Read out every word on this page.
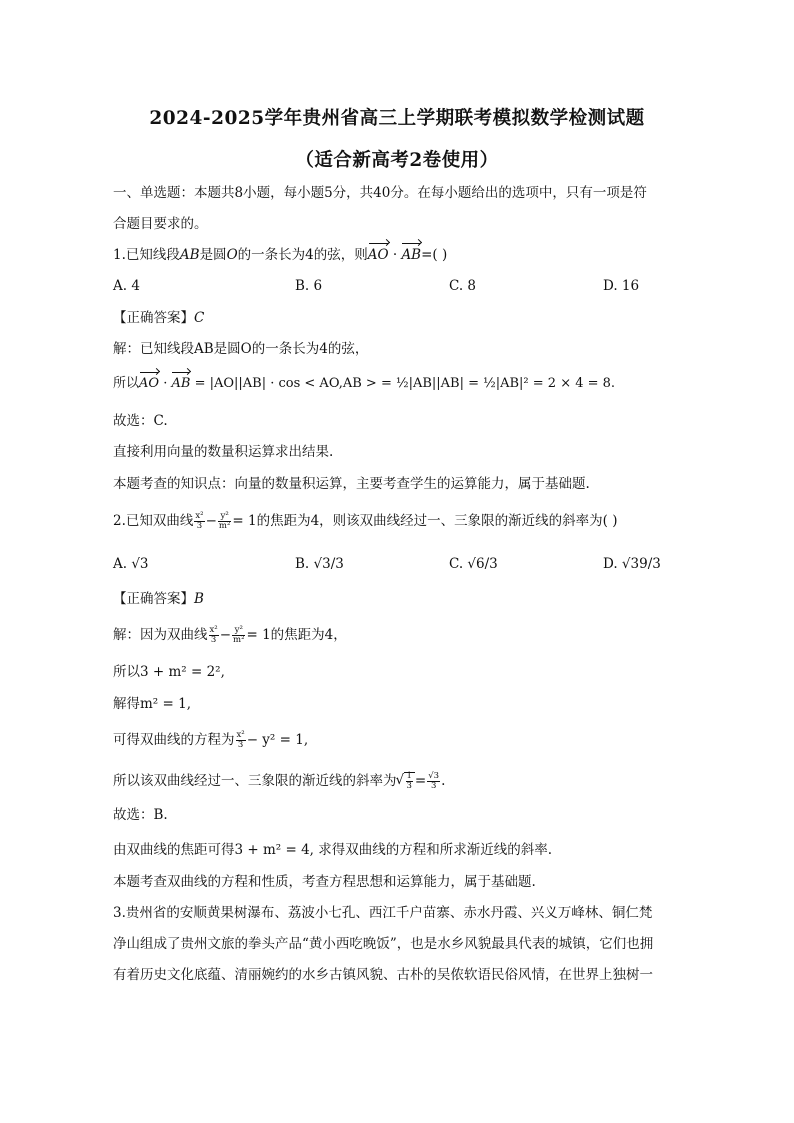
2024-2025学年贵州省高三上学期联考模拟数学检测试题
（适合新高考2卷使用）
一、单选题：本题共8小题，每小题5分，共40分。在每小题给出的选项中，只有一项是符
合题目要求的。
1.已知线段AB是圆O的一条长为4的弦，则AO · AB=( )
A. 4	B. 6	C. 8	D. 16
【正确答案】C
解：已知线段AB是圆O的一条长为4的弦，
所以AO · AB = |AO||AB| · cos < AO,AB > = ½|AB||AB| = ½|AB|² = 2 × 4 = 8.
故选：C.
直接利用向量的数量积运算求出结果.
本题考查的知识点：向量的数量积运算，主要考查学生的运算能力，属于基础题.
2.已知双曲线 $\frac{\text{x²}}{3} - \frac{\text{y²}}{\text{m²}} = 1$的焦距为4，则该双曲线经过一、三象限的渐近线的斜率为( )
A. √3	B. √3/3	C. √6/3	D. √39/3
【正确答案】B
解：因为双曲线 $\frac{\text{x²}}{3} - \frac{\text{y²}}{\text{m²}} = 1$的焦距为4，
所以3 + m² = 2²,
解得m² = 1,
可得双曲线的方程为 $\frac{\text{x²}}{3} - y^2 = 1$,
所以该双曲线经过一、三象限的渐近线的斜率为
√ $\frac{1}{3} = \frac{√3}{3}$ .
故选：B.
由双曲线的焦距可得3 + m² = 4, 求得双曲线的方程和所求渐近线的斜率.
本题考查双曲线的方程和性质，考查方程思想和运算能力，属于基础题.
3.贵州省的安顺黄果树瀑布、荔波小七孔、西江千户苗寨、赤水丹霞、兴义万峰林、铜仁梵
净山组成了贵州文旅的拳头产品“黄小西吃晚饭”，也是水乡风貌最具代表的城镇，它们也拥
有着历史文化底蕴、清丽婉约的水乡古镇风貌、古朴的吴侬软语民俗风情，在世界上独树一
